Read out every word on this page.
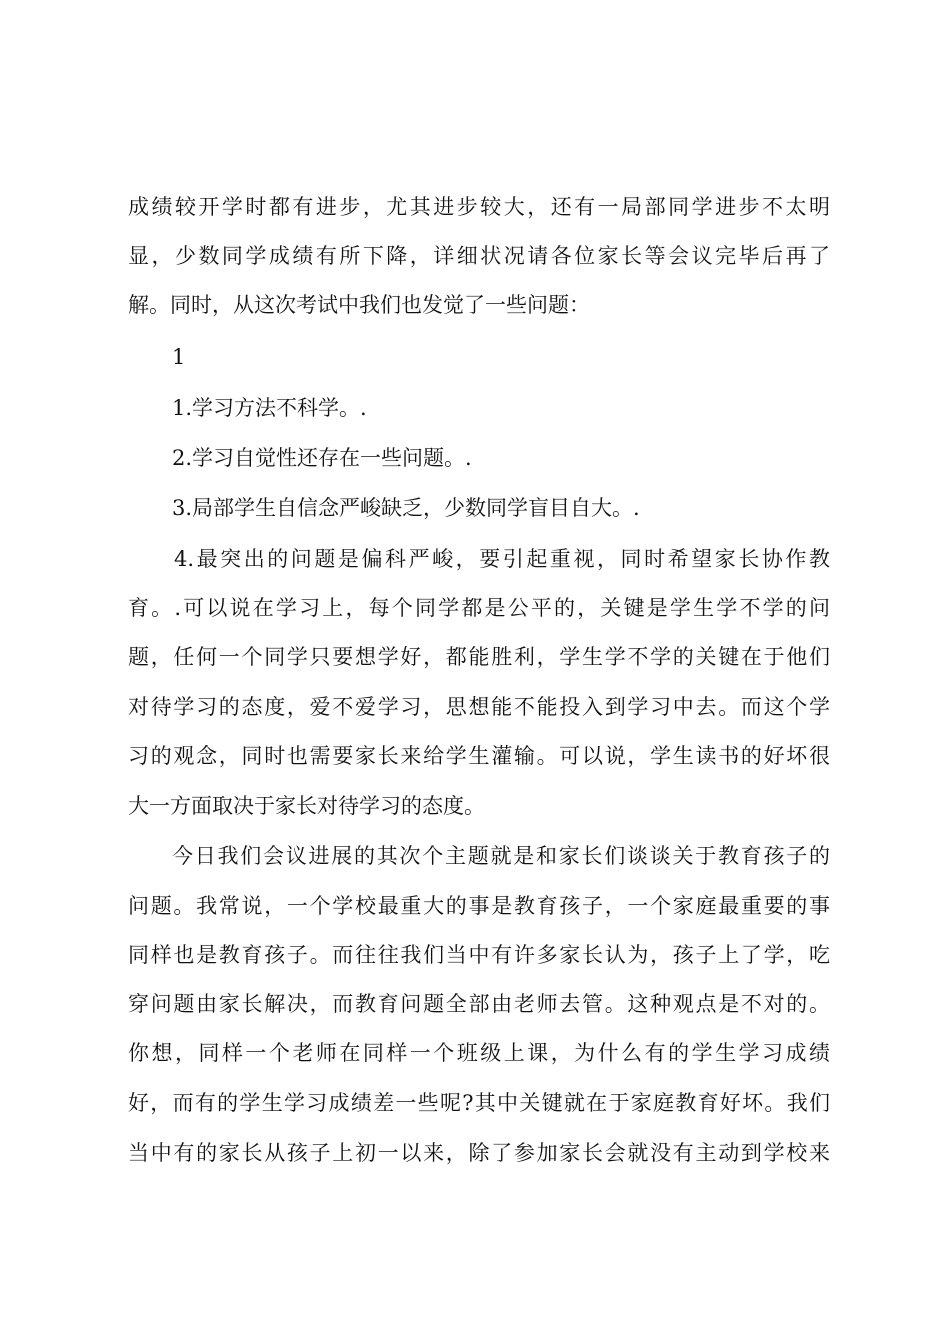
成绩较开学时都有进步，尤其进步较大，还有一局部同学进步不太明
显，少数同学成绩有所下降，详细状况请各位家长等会议完毕后再了
解。同时，从这次考试中我们也发觉了一些问题：
1
1.学习方法不科学。.
2.学习自觉性还存在一些问题。.
3.局部学生自信念严峻缺乏，少数同学盲目自大。.
4.最突出的问题是偏科严峻，要引起重视，同时希望家长协作教
育。.可以说在学习上，每个同学都是公平的，关键是学生学不学的问
题，任何一个同学只要想学好，都能胜利，学生学不学的关键在于他们
对待学习的态度，爱不爱学习，思想能不能投入到学习中去。而这个学
习的观念，同时也需要家长来给学生灌输。可以说，学生读书的好坏很
大一方面取决于家长对待学习的态度。
今日我们会议进展的其次个主题就是和家长们谈谈关于教育孩子的
问题。我常说，一个学校最重大的事是教育孩子，一个家庭最重要的事
同样也是教育孩子。而往往我们当中有许多家长认为，孩子上了学，吃
穿问题由家长解决，而教育问题全部由老师去管。这种观点是不对的。
你想，同样一个老师在同样一个班级上课，为什么有的学生学习成绩
好，而有的学生学习成绩差一些呢?其中关键就在于家庭教育好坏。我们
当中有的家长从孩子上初一以来，除了参加家长会就没有主动到学校来
